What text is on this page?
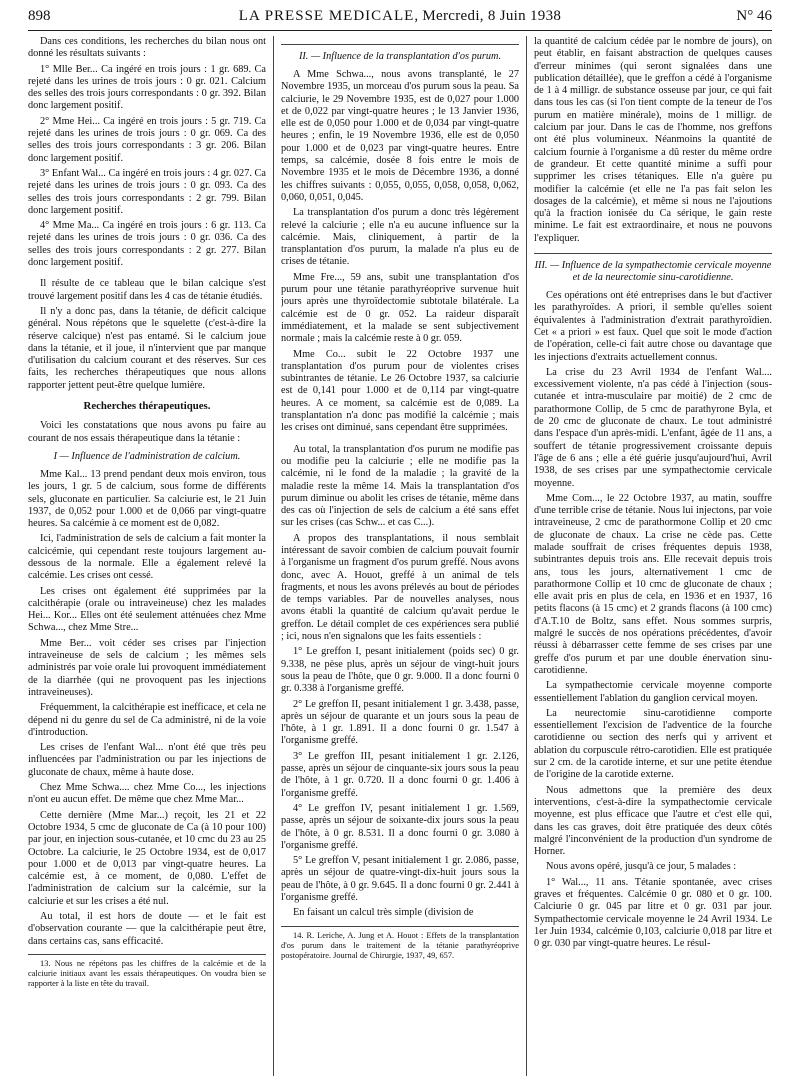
898	LA PRESSE MEDICALE, Mercredi, 8 Juin 1938	N° 46

Dans ces conditions, les recherches du bilan nous ont donné les résultats suivants :

1° Mlle Ber... Ca ingéré en trois jours : 1 gr. 689. Ca rejeté dans les urines de trois jours : 0 gr. 021. Calcium des selles des trois jours correspondants : 0 gr. 392. Bilan donc largement positif.

2° Mme Hei... Ca ingéré en trois jours : 5 gr. 719. Ca rejeté dans les urines de trois jours : 0 gr. 069. Ca des selles des trois jours correspondants : 3 gr. 206. Bilan donc largement positif.

3° Enfant Wal... Ca ingéré en trois jours : 4 gr. 027. Ca rejeté dans les urines de trois jours : 0 gr. 093. Ca des selles des trois jours correspondants : 2 gr. 799. Bilan donc largement positif.

4° Mme Ma... Ca ingéré en trois jours : 6 gr. 113. Ca rejeté dans les urines de trois jours : 0 gr. 036. Ca des selles des trois jours correspondants : 2 gr. 277. Bilan donc largement positif.

Il résulte de ce tableau que le bilan calcique s'est trouvé largement positif dans les 4 cas de tétanie étudiés.

Il n'y a donc pas, dans la tétanie, de déficit calcique général. Nous répétons que le squelette (c'est-à-dire la réserve calcique) n'est pas entamé. Si le calcium joue dans la tétanie, et il joue, il n'intervient que par manque d'utilisation du calcium courant et des réserves. Sur ces faits, les recherches thérapeutiques que nous allons rapporter jettent peut-être quelque lumière.

Recherches thérapeutiques.

Voici les constatations que nous avons pu faire au courant de nos essais thérapeutique dans la tétanie :

I — Influence de l'administration de calcium.

Mme Kal... 13 prend pendant deux mois environ, tous les jours, 1 gr. 5 de calcium, sous forme de différents sels, gluconate en particulier. Sa calciurie est, le 21 Juin 1937, de 0,052 pour 1.000 et de 0,066 par vingt-quatre heures. Sa calcémie à ce moment est de 0,082.

Ici, l'administration de sels de calcium a fait monter la calcicémie, qui cependant reste toujours largement au-dessous de la normale. Elle a également relevé la calcémie. Les crises ont cessé.

Les crises ont également été supprimées par la calcithérapie (orale ou intraveineuse) chez les malades Hei... Kor... Elles ont été seulement atténuées chez Mme Schwa..., chez Mme Stre...

Mme Ber... voit céder ses crises par l'injection intraveineuse de sels de calcium ; les mêmes sels administrés par voie orale lui provoquent immédiatement de la diarrhée (qui ne provoquent pas les injections intraveineuses).

Fréquemment, la calcithérapie est inefficace, et cela ne dépend ni du genre du sel de Ca administré, ni de la voie d'introduction.

Les crises de l'enfant Wal... n'ont été que très peu influencées par l'administration ou par les injections de gluconate de chaux, même à haute dose.

Chez Mme Schwa.... chez Mme Co..., les injections n'ont eu aucun effet. De même que chez Mme Mar...

Cette dernière (Mme Mar...) reçoit, les 21 et 22 Octobre 1934, 5 cmc de gluconate de Ca (à 10 pour 100) par jour, en injection sous-cutanée, et 10 cmc du 23 au 25 Octobre. La calciurie, le 25 Octobre 1934, est de 0,017 pour 1.000 et de 0,013 par vingt-quatre heures. La calcémie est, à ce moment, de 0,080. L'effet de l'administration de calcium sur la calcémie, sur la calciurie et sur les crises a été nul.

Au total, il est hors de doute — et le fait est d'observation courante — que la calcithérapie peut être, dans certains cas, sans efficacité.

13. Nous ne répétons pas les chiffres de la calcémie et de la calciurie initiaux avant les essais thérapeutiques. On voudra bien se rapporter à la liste en tête du travail.

II. — Influence de la transplantation d'os purum.

A Mme Schwa..., nous avons transplanté, le 27 Novembre 1935, un morceau d'os purum sous la peau. Sa calciurie, le 29 Novembre 1935, est de 0,027 pour 1.000 et de 0,022 par vingt-quatre heures ; le 13 Janvier 1936, elle est de 0,050 pour 1.000 et de 0,034 par vingt-quatre heures ; enfin, le 19 Novembre 1936, elle est de 0,050 pour 1.000 et de 0,023 par vingt-quatre heures. Entre temps, sa calcémie, dosée 8 fois entre le mois de Novembre 1935 et le mois de Décembre 1936, a donné les chiffres suivants : 0,055, 0,055, 0,058, 0,058, 0,062, 0,060, 0,051, 0,045.

La transplantation d'os purum a donc très légèrement relevé la calciurie ; elle n'a eu aucune influence sur la calcémie. Mais, cliniquement, à partir de la transplantation d'os purum, la malade n'a plus eu de crises de tétanie.

Mme Fre..., 59 ans, subit une transplantation d'os purum pour une tétanie parathyréoprive survenue huit jours après une thyroïdectomie subtotale bilatérale. La calcémie est de 0 gr. 052. La raideur disparaît immédiatement, et la malade se sent subjectivement normale ; mais la calcémie reste à 0 gr. 059.

Mme Co... subit le 22 Octobre 1937 une transplantation d'os purum pour de violentes crises subintrantes de tétanie. Le 26 Octobre 1937, sa calciurie est de 0,141 pour 1.000 et de 0,114 par vingt-quatre heures. A ce moment, sa calcémie est de 0,089. La transplantation n'a donc pas modifié la calcémie ; mais les crises ont diminué, sans cependant être supprimées.

Au total, la transplantation d'os purum ne modifie pas ou modifie peu la calciurie ; elle ne modifie pas la calcémie, ni le fond de la maladie ; la gravité de la maladie reste la même 14. Mais la transplantation d'os purum diminue ou abolit les crises de tétanie, même dans des cas où l'injection de sels de calcium a été sans effet sur les crises (cas Schw... et cas C...).

A propos des transplantations, il nous semblait intéressant de savoir combien de calcium pouvait fournir à l'organisme un fragment d'os purum greffé. Nous avons donc, avec A. Houot, greffé à un animal de tels fragments, et nous les avons prélevés au bout de périodes de temps variables. Par de nouvelles analyses, nous avons établi la quantité de calcium qu'avait perdue le greffon. Le détail complet de ces expériences sera publié ; ici, nous n'en signalons que les faits essentiels :

1° Le greffon I, pesant initialement (poids sec) 0 gr. 9.338, ne pèse plus, après un séjour de vingt-huit jours sous la peau de l'hôte, que 0 gr. 9.000. Il a donc fourni 0 gr. 0.338 à l'organisme greffé.

2° Le greffon II, pesant initialement 1 gr. 3.438, passe, après un séjour de quarante et un jours sous la peau de l'hôte, à 1 gr. 1.891. Il a donc fourni 0 gr. 1.547 à l'organisme greffé.

3° Le greffon III, pesant initialement 1 gr. 2.126, passe, après un séjour de cinquante-six jours sous la peau de l'hôte, à 1 gr. 0.720. Il a donc fourni 0 gr. 1.406 à l'organisme greffé.

4° Le greffon IV, pesant initialement 1 gr. 1.569, passe, après un séjour de soixante-dix jours sous la peau de l'hôte, à 0 gr. 8.531. Il a donc fourni 0 gr. 3.080 à l'organisme greffé.

5° Le greffon V, pesant initialement 1 gr. 2.086, passe, après un séjour de quatre-vingt-dix-huit jours sous la peau de l'hôte, à 0 gr. 9.645. Il a donc fourni 0 gr. 2.441 à l'organisme greffé.

En faisant un calcul très simple (division de

14. R. Leriche, A. Jung et A. Houot : Effets de la transplantation d'os purum dans le traitement de la tétanie parathyréoprive postopératoire. Journal de Chirurgie, 1937, 49, 657.

la quantité de calcium cédée par le nombre de jours), on peut établir, en faisant abstraction de quelques causes d'erreur minimes (qui seront signalées dans une publication détaillée), que le greffon a cédé à l'organisme de 1 à 4 milligr. de substance osseuse par jour, ce qui fait dans tous les cas (si l'on tient compte de la teneur de l'os purum en matière minérale), moins de 1 milligr. de calcium par jour. Dans le cas de l'homme, nos greffons ont été plus volumineux. Néanmoins la quantité de calcium fournie à l'organisme a dû rester du même ordre de grandeur. Et cette quantité minime a suffi pour supprimer les crises tétaniques. Elle n'a guère pu modifier la calcémie (et elle ne l'a pas fait selon les dosages de la calcémie), et même si nous ne l'ajoutions qu'à la fraction ionisée du Ca sérique, le gain reste minime. Le fait est extraordinaire, et nous ne pouvons l'expliquer.

III. — Influence de la sympathectomie cervicale moyenne et de la neurectomie sinu-carotidienne.

Ces opérations ont été entreprises dans le but d'activer les parathyroïdes. A priori, il semble qu'elles soient équivalentes à l'administration d'extrait parathyroïdien. Cet « a priori » est faux. Quel que soit le mode d'action de l'opération, celle-ci fait autre chose ou davantage que les injections d'extraits actuellement connus.

La crise du 23 Avril 1934 de l'enfant Wal.... excessivement violente, n'a pas cédé à l'injection (sous-cutanée et intra-musculaire par moitié) de 2 cmc de parathormone Collip, de 5 cmc de parathyrone Byla, et de 20 cmc de gluconate de chaux. Le tout administré dans l'espace d'un après-midi. L'enfant, âgée de 11 ans, a souffert de tétanie progressivement croissante depuis l'âge de 6 ans ; elle a été guérie jusqu'aujourd'hui, Avril 1938, de ses crises par une sympathectomie cervicale moyenne.

Mme Com..., le 22 Octobre 1937, au matin, souffre d'une terrible crise de tétanie. Nous lui injectons, par voie intraveineuse, 2 cmc de parathormone Collip et 20 cmc de gluconate de chaux. La crise ne cède pas. Cette malade souffrait de crises fréquentes depuis 1938, subintrantes depuis trois ans. Elle recevait depuis trois ans, tous les jours, alternativement 1 cmc de parathormone Collip et 10 cmc de gluconate de chaux ; elle avait pris en plus de cela, en 1936 et en 1937, 16 petits flacons (à 15 cmc) et 2 grands flacons (à 100 cmc) d'A.T.10 de Boltz, sans effet. Nous sommes surpris, malgré le succès de nos opérations précédentes, d'avoir réussi à débarrasser cette femme de ses crises par une greffe d'os purum et par une double énervation sinu-carotidienne.

La sympathectomie cervicale moyenne comporte essentiellement l'ablation du ganglion cervical moyen.

La neurectomie sinu-carotidienne comporte essentiellement l'excision de l'adventice de la fourche carotidienne ou section des nerfs qui y arrivent et ablation du corpuscule rétro-carotidien. Elle est pratiquée sur 2 cm. de la carotide interne, et sur une petite étendue de l'origine de la carotide externe.

Nous admettons que la première des deux interventions, c'est-à-dire la sympathectomie cervicale moyenne, est plus efficace que l'autre et c'est elle qui, dans les cas graves, doit être pratiquée des deux côtés malgré l'inconvénient de la production d'un syndrome de Horner.

Nous avons opéré, jusqu'à ce jour, 5 malades :

1° Wal..., 11 ans. Tétanie spontanée, avec crises graves et fréquentes. Calcémie 0 gr. 080 et 0 gr. 100. Calciurie 0 gr. 045 par litre et 0 gr. 031 par jour. Sympathectomie cervicale moyenne le 24 Avril 1934. Le 1er Juin 1934, calcémie 0,103, calciurie 0,018 par litre et 0 gr. 030 par vingt-quatre heures. Le résul-
